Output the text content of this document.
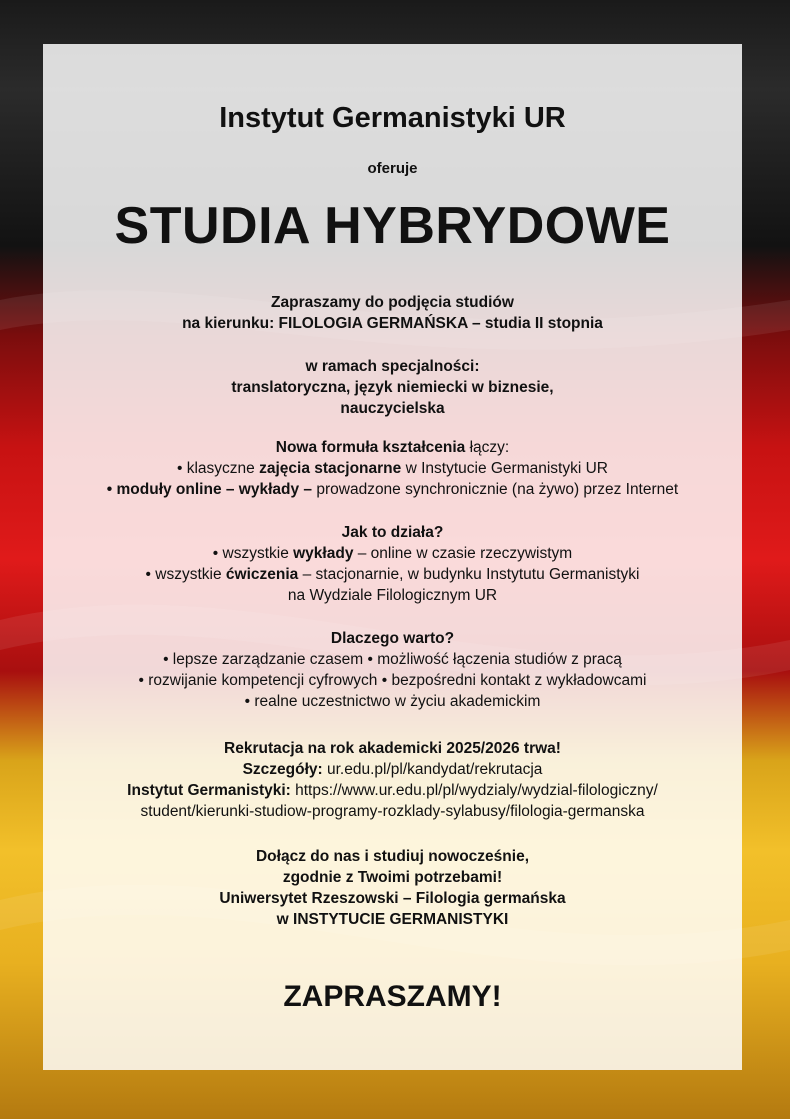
Instytut Germanistyki UR
oferuje
STUDIA HYBRYDOWE
Zapraszamy do podjęcia studiów
na kierunku: FILOLOGIA GERMAŃSKA – studia II stopnia
w ramach specjalności:
translatoryczna, język niemiecki w biznesie,
nauczycielska
Nowa formuła kształcenia łączy:
• klasyczne zajęcia stacjonarne w Instytucie Germanistyki UR
• moduły online – wykłady – prowadzone synchronicznie (na żywo) przez Internet
Jak to działa?
• wszystkie wykłady – online w czasie rzeczywistym
• wszystkie ćwiczenia – stacjonarnie, w budynku Instytutu Germanistyki
na Wydziale Filologicznym UR
Dlaczego warto?
• lepsze zarządzanie czasem • możliwość łączenia studiów z pracą
• rozwijanie kompetencji cyfrowych • bezpośredni kontakt z wykładowcami
• realne uczestnictwo w życiu akademickim
Rekrutacja na rok akademicki 2025/2026 trwa!
Szczegóły: ur.edu.pl/pl/kandydat/rekrutacja
Instytut Germanistyki: https://www.ur.edu.pl/pl/wydzialy/wydzial-filologiczny/
student/kierunki-studiow-programy-rozklady-sylabusy/filologia-germanska
Dołącz do nas i studiuj nowocześnie,
zgodnie z Twoimi potrzebami!
Uniwersytet Rzeszowski – Filologia germańska
w INSTYTUCIE GERMANISTYKI
ZAPRASZAMY!
